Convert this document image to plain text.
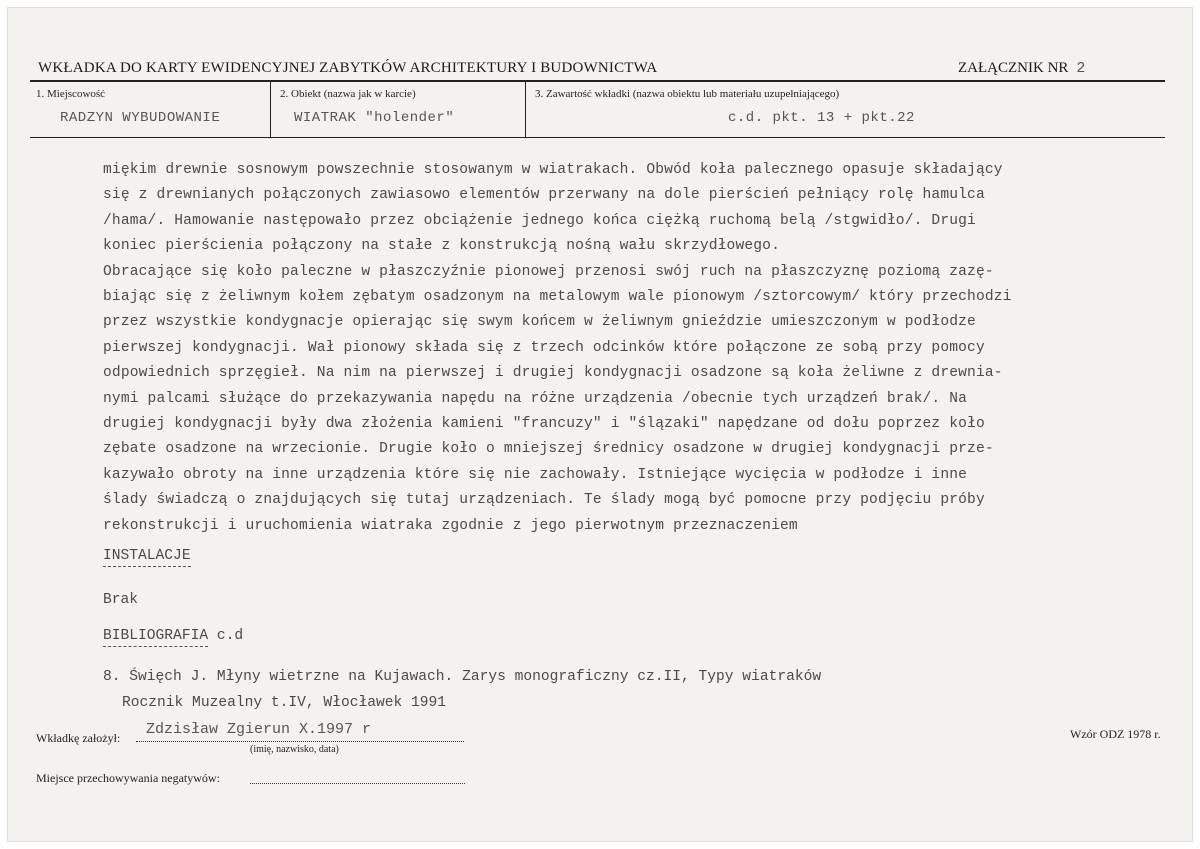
WKŁADKA DO KARTY EWIDENCYJNEJ ZABYTKÓW ARCHITEKTURY I BUDOWNICTWA	ZAŁĄCZNIK NR 2
1. Miejscowość
RADZYN WYBUDOWANIE
2. Obiekt (nazwa jak w karcie)
WIATRAK "holender"
3. Zawartość wkładki (nazwa obiektu lub materiału uzupełniającego)
c.d. pkt. 13 + pkt.22
miękim drewnie sosnowym powszechnie stosowanym w wiatrakach. Obwód koła palecznego opasuje składający
się z drewnianych połączonych zawiasowo elementów przerwany na dole pierścień pełniący rolę hamulca
/hama/. Hamowanie następowało przez obciążenie jednego końca ciężką ruchomą belą /stgwidło/. Drugi
koniec pierścienia połączony na stałe z konstrukcją nośną wału skrzydłowego.
Obracające się koło paleczne w płaszczyźnie pionowej przenosi swój ruch na płaszczyznę poziomą zazę-
biając się z żeliwnym kołem zębatym osadzonym na metalowym wale pionowym /sztorcowym/ który przechodzi
przez wszystkie kondygnacje opierając się swym końcem w żeliwnym gnieździe umieszczonym w podłodze
pierwszej kondygnacji. Wał pionowy składa się z trzech odcinków które połączone ze sobą przy pomocy
odpowiednich sprzęgieł. Na nim na pierwszej i drugiej kondygnacji osadzone są koła żeliwne z drewnia-
nymi palcami służące do przekazywania napędu na różne urządzenia /obecnie tych urządzeń brak/. Na
drugiej kondygnacji były dwa złożenia kamieni "francuzy" i "ślązaki" napędzane od dołu poprzez koło
zębate osadzone na wrzecionie. Drugie koło o mniejszej średnicy osadzone w drugiej kondygnacji prze-
kazywało obroty na inne urządzenia które się nie zachowały. Istniejące wycięcia w podłodze i inne
ślady świadczą o znajdujących się tutaj urządzeniach. Te ślady mogą być pomocne przy podjęciu próby
rekonstrukcji i uruchomienia wiatraka zgodnie z jego pierwotnym przeznaczeniem
INSTALACJE
Brak
BIBLIOGRAFIA c.d
8. Święch J. Młyny wietrzne na Kujawach. Zarys monograficzny cz.II, Typy wiatraków
Rocznik Muzealny t.IV, Włocławek 1991
Wkładkę założył: Zdzisław Zgierun X.1997 r
(imię, nazwisko, data)
Wzór ODZ 1978 r.
Miejsce przechowywania negatywów:
